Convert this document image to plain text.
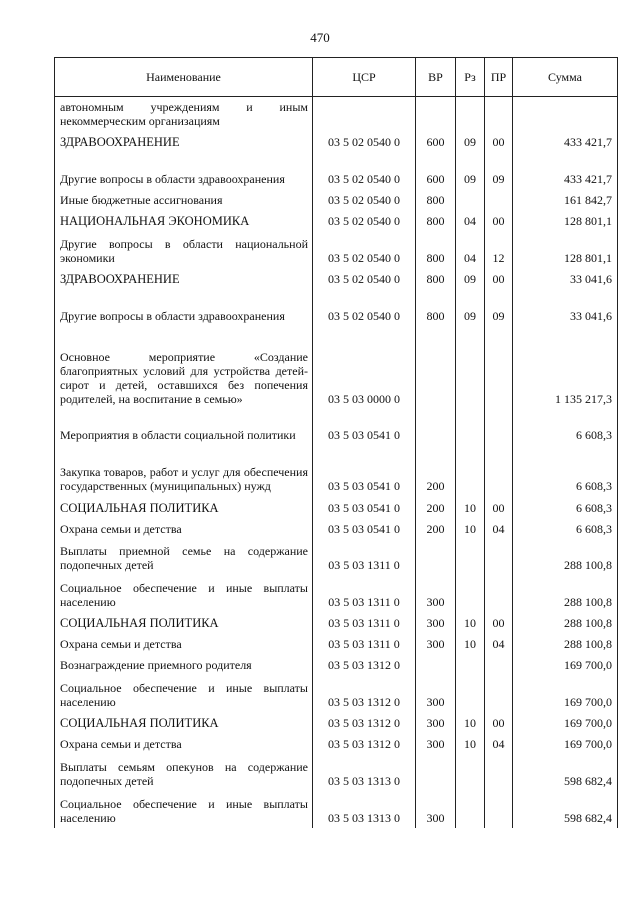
470
Наименование	ЦСР	ВР	Рз	ПР	Сумма
автономным учреждениям и иным некоммерческим организациям					
ЗДРАВООХРАНЕНИЕ	03 5 02 0540 0	600	09	00	433 421,7
Другие вопросы в области здравоохранения	03 5 02 0540 0	600	09	09	433 421,7
Иные бюджетные ассигнования	03 5 02 0540 0	800			161 842,7
НАЦИОНАЛЬНАЯ ЭКОНОМИКА	03 5 02 0540 0	800	04	00	128 801,1
Другие вопросы в области национальной экономики	03 5 02 0540 0	800	04	12	128 801,1
ЗДРАВООХРАНЕНИЕ	03 5 02 0540 0	800	09	00	33 041,6
Другие вопросы в области здравоохранения	03 5 02 0540 0	800	09	09	33 041,6
Основное мероприятие «Создание благоприятных условий для устройства детей-сирот и детей, оставшихся без попечения родителей, на воспитание в семью»	03 5 03 0000 0				1 135 217,3
Мероприятия в области социальной политики	03 5 03 0541 0				6 608,3
Закупка товаров, работ и услуг для обеспечения государственных (муниципальных) нужд	03 5 03 0541 0	200			6 608,3
СОЦИАЛЬНАЯ ПОЛИТИКА	03 5 03 0541 0	200	10	00	6 608,3
Охрана семьи и детства	03 5 03 0541 0	200	10	04	6 608,3
Выплаты приемной семье на содержание подопечных детей	03 5 03 1311 0				288 100,8
Социальное обеспечение и иные выплаты населению	03 5 03 1311 0	300			288 100,8
СОЦИАЛЬНАЯ ПОЛИТИКА	03 5 03 1311 0	300	10	00	288 100,8
Охрана семьи и детства	03 5 03 1311 0	300	10	04	288 100,8
Вознаграждение приемного родителя	03 5 03 1312 0				169 700,0
Социальное обеспечение и иные выплаты населению	03 5 03 1312 0	300			169 700,0
СОЦИАЛЬНАЯ ПОЛИТИКА	03 5 03 1312 0	300	10	00	169 700,0
Охрана семьи и детства	03 5 03 1312 0	300	10	04	169 700,0
Выплаты семьям опекунов на содержание подопечных детей	03 5 03 1313 0				598 682,4
Социальное обеспечение и иные выплаты населению	03 5 03 1313 0	300			598 682,4
